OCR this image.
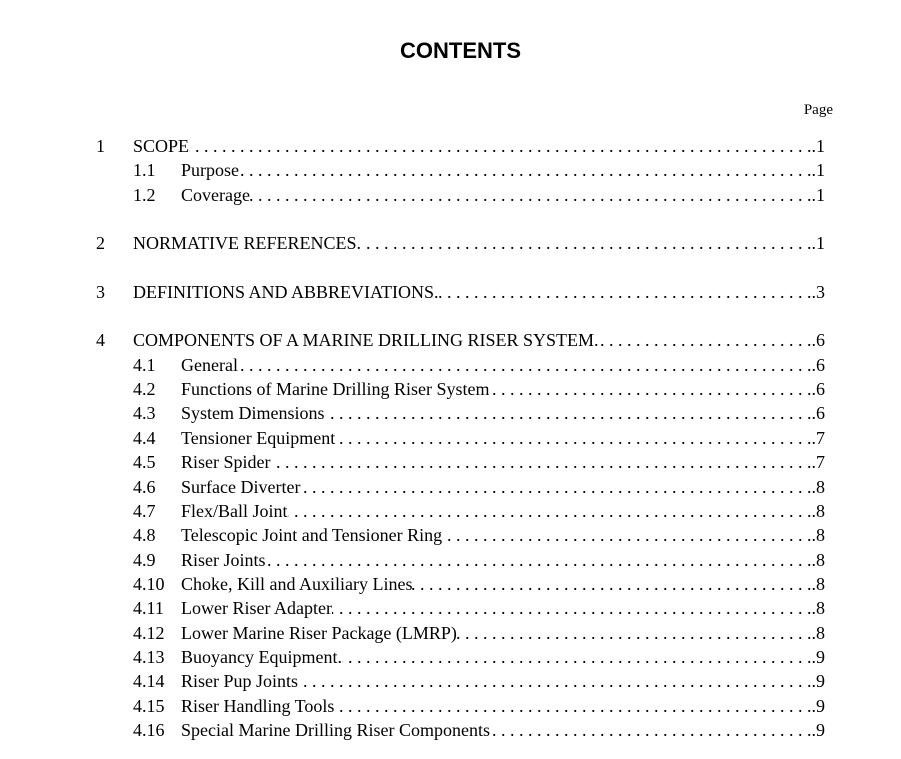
CONTENTS
Page
1 SCOPE . . .	.1
1.1 Purpose . . .	.1
1.2 Coverage . . .	.1
2 NORMATIVE REFERENCES. . . .	.1
3 DEFINITIONS AND ABBREVIATIONS. . . .	.3
4 COMPONENTS OF A MARINE DRILLING RISER SYSTEM. . . .	.6
4.1 General . . .	.6
4.2 Functions of Marine Drilling Riser System . . .	.6
4.3 System Dimensions . . .	.6
4.4 Tensioner Equipment . . .	.7
4.5 Riser Spider . . .	.7
4.6 Surface Diverter . . .	.8
4.7 Flex/Ball Joint . . .	.8
4.8 Telescopic Joint and Tensioner Ring . . .	.8
4.9 Riser Joints . . .	.8
4.10 Choke, Kill and Auxiliary Lines . . .	.8
4.11 Lower Riser Adapter . . .	.8
4.12 Lower Marine Riser Package (LMRP) . . .	.8
4.13 Buoyancy Equipment. . . .	.9
4.14 Riser Pup Joints . . .	.9
4.15 Riser Handling Tools . . .	.9
4.16 Special Marine Drilling Riser Components . . .	.9
